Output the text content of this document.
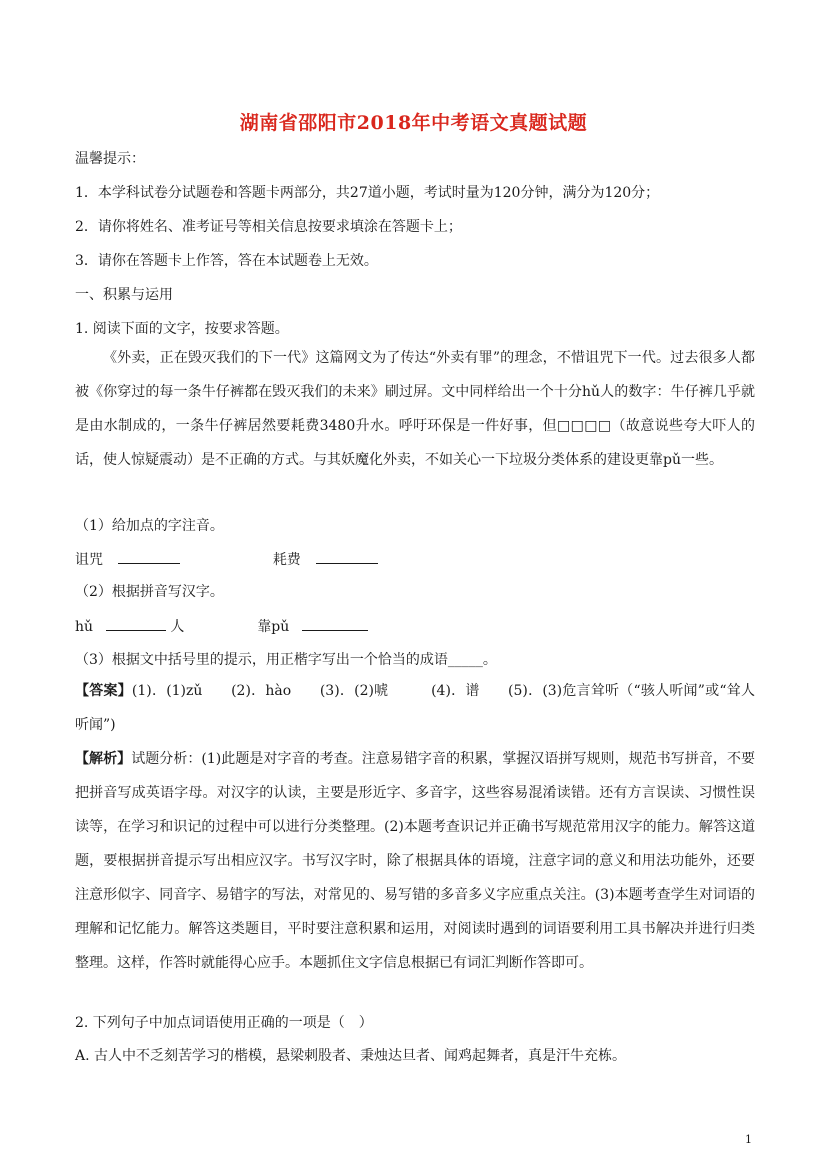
湖南省邵阳市2018年中考语文真题试题
温馨提示：
1．本学科试卷分试题卷和答题卡两部分，共27道小题，考试时量为120分钟，满分为120分；
2．请你将姓名、准考证号等相关信息按要求填涂在答题卡上；
3．请你在答题卡上作答，答在本试题卷上无效。
一、积累与运用
1. 阅读下面的文字，按要求答题。
《外卖，正在毁灭我们的下一代》这篇网文为了传达“外卖有罪”的理念，不惜诅咒下一代。过去很多人都被《你穿过的每一条牛仔裤都在毁灭我们的未来》刷过屏。文中同样给出一个十分hǔ人的数字：牛仔裤几乎就是由水制成的，一条牛仔裤居然要耗费3480升水。呼吁环保是一件好事，但□□□□（故意说些夸大吓人的话，使人惊疑震动）是不正确的方式。与其妖魔化外卖，不如关心一下垃圾分类体系的建设更靠pǔ一些。
（1）给加点的字注音。
诅咒	耗费
（2）根据拼音写汉字。
hǔ	人	靠pǔ
（3）根据文中括号里的提示，用正楷字写出一个恰当的成语_____。
【答案】(1)．(1)zǔ　　(2)．hào　　(3)．(2)唬　　　(4)．谱　　(5)．(3)危言耸听（“骇人听闻”或“耸人听闻”)
【解析】试题分析：(1)此题是对字音的考查。注意易错字音的积累，掌握汉语拼写规则，规范书写拼音，不要把拼音写成英语字母。对汉字的认读，主要是形近字、多音字，这些容易混淆读错。还有方言误读、习惯性误读等，在学习和识记的过程中可以进行分类整理。(2)本题考查识记并正确书写规范常用汉字的能力。解答这道题，要根据拼音提示写出相应汉字。书写汉字时，除了根据具体的语境，注意字词的意义和用法功能外，还要注意形似字、同音字、易错字的写法，对常见的、易写错的多音多义字应重点关注。(3)本题考查学生对词语的理解和记忆能力。解答这类题目，平时要注意积累和运用，对阅读时遇到的词语要利用工具书解决并进行归类整理。这样，作答时就能得心应手。本题抓住文字信息根据已有词汇判断作答即可。
2. 下列句子中加点词语使用正确的一项是（　）
A. 古人中不乏刻苦学习的楷模，悬梁刺股者、秉烛达旦者、闻鸡起舞者，真是汗牛充栋。
1
